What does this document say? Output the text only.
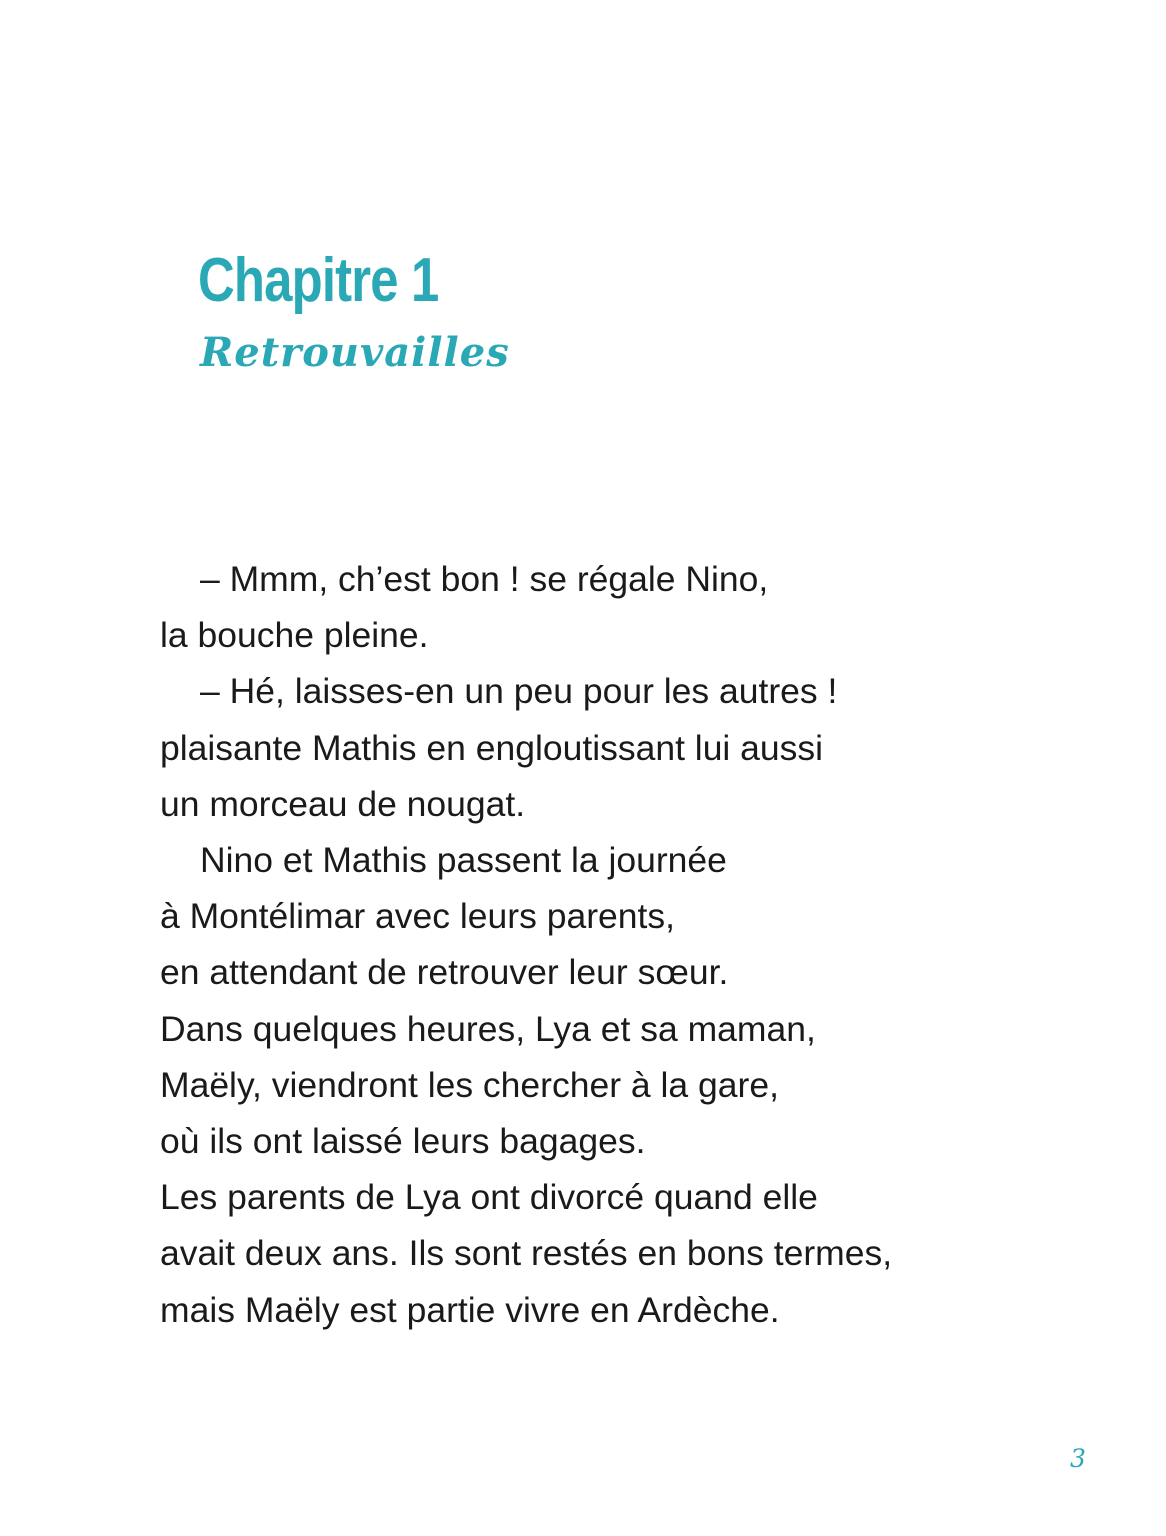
Chapitre 1
Retrouvailles
– Mmm, ch’est bon ! se régale Nino,
la bouche pleine.
– Hé, laisses-en un peu pour les autres !
plaisante Mathis en engloutissant lui aussi
un morceau de nougat.
Nino et Mathis passent la journée
à Montélimar avec leurs parents,
en attendant de retrouver leur sœur.
Dans quelques heures, Lya et sa maman,
Maëly, viendront les chercher à la gare,
où ils ont laissé leurs bagages.
Les parents de Lya ont divorcé quand elle
avait deux ans. Ils sont restés en bons termes,
mais Maëly est partie vivre en Ardèche.
3
